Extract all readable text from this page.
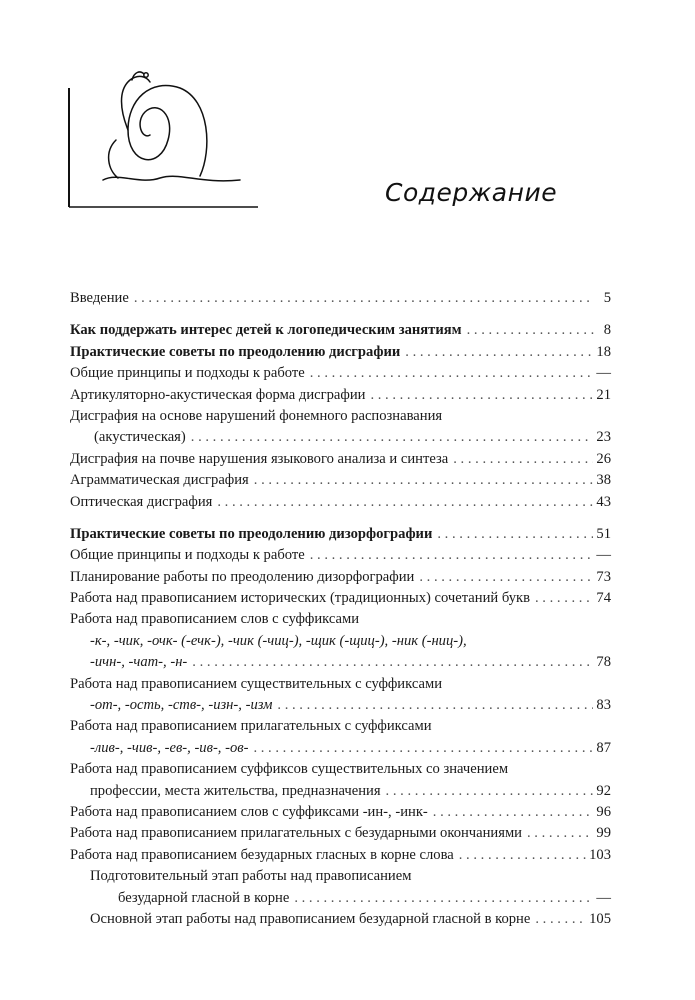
Содержание
Введение . . .	5
Как поддержать интерес детей к логопедическим занятиям . . .	8
Практические советы по преодолению дисграфии . . .	18
Общие принципы и подходы к работе . . .	—
Артикуляторно-акустическая форма дисграфии . . .	21
Дисграфия на основе нарушений фонемного распознавания
(акустическая) . . .	23
Дисграфия на почве нарушения языкового анализа и синтеза . . .	26
Аграмматическая дисграфия . . .	38
Оптическая дисграфия . . .	43
Практические советы по преодолению дизорфографии . . .	51
Общие принципы и подходы к работе . . .	—
Планирование работы по преодолению дизорфографии . . .	73
Работа над правописанием исторических (традиционных) сочетаний букв . . .	74
Работа над правописанием слов с суффиксами
-к-, -чик, -очк- (-ечк-), -чик (-чиц-), -щик (-щиц-), -ник (-ниц-),
-ичн-, -чат-, -н- . . .	78
Работа над правописанием существительных с суффиксами
-от-, -ость, -ств-, -изн-, -изм . . .	83
Работа над правописанием прилагательных с суффиксами
-лив-, -чив-, -ев-, -ив-, -ов- . . .	87
Работа над правописанием суффиксов существительных со значением
профессии, места жительства, предназначения . . .	92
Работа над правописанием слов с суффиксами -ин-, -инк- . . .	96
Работа над правописанием прилагательных с безударными окончаниями . . .	99
Работа над правописанием безударных гласных в корне слова . . .	103
Подготовительный этап работы над правописанием
безударной гласной в корне . . .	—
Основной этап работы над правописанием безударной гласной в корне . . .	105
